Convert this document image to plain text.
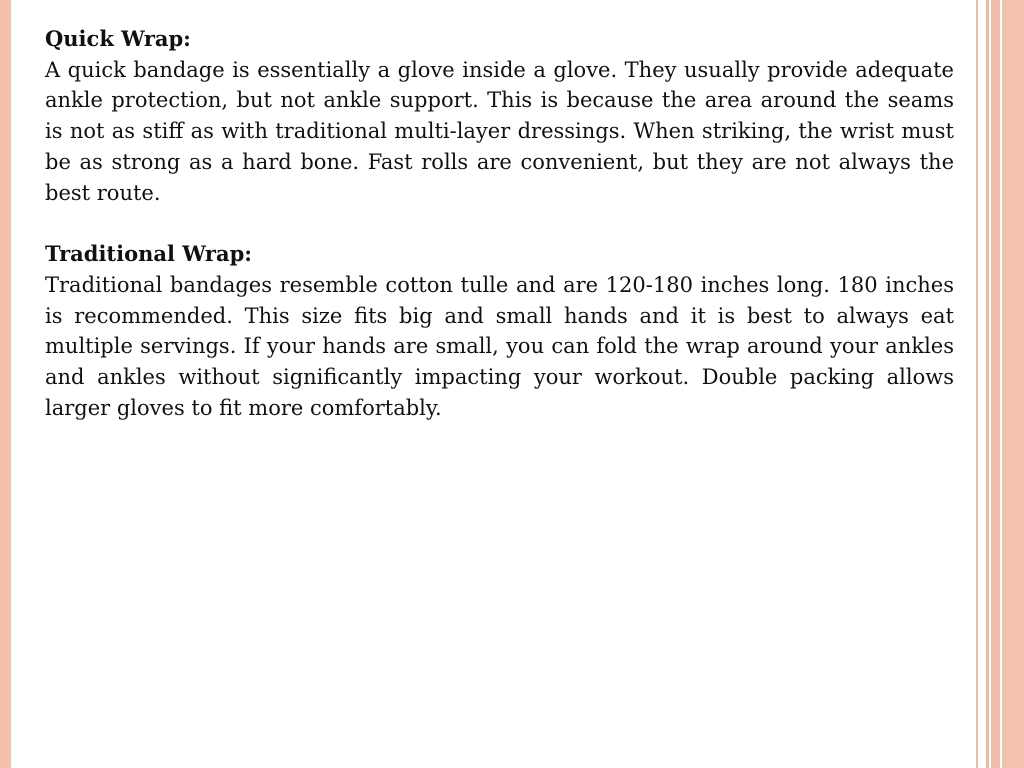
Quick Wrap:

A quick bandage is essentially a glove inside a glove. They usually provide adequate ankle protection, but not ankle support. This is because the area around the seams is not as stiff as with traditional multi-layer dressings. When striking, the wrist must be as strong as a hard bone. Fast rolls are convenient, but they are not always the best route.

Traditional Wrap:

Traditional bandages resemble cotton tulle and are 120-180 inches long. 180 inches is recommended. This size fits big and small hands and it is best to always eat multiple servings. If your hands are small, you can fold the wrap around your ankles and ankles without significantly impacting your workout. Double packing allows larger gloves to fit more comfortably.
